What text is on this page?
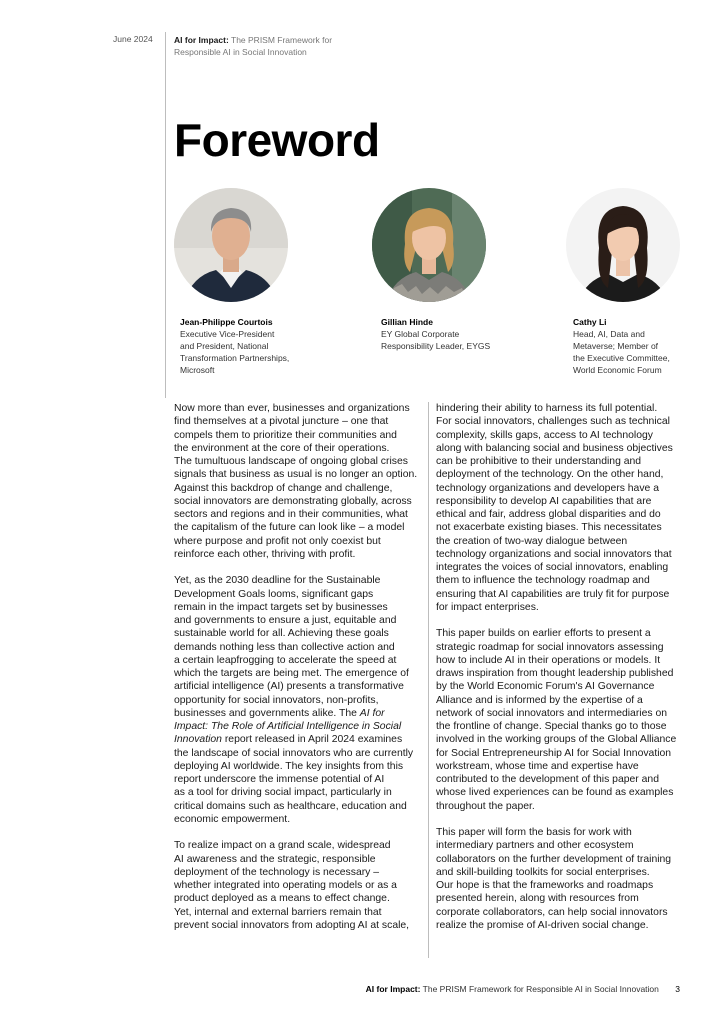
June 2024	AI for Impact: The PRISM Framework for Responsible AI in Social Innovation
Foreword
Jean-Philippe Courtois
Executive Vice-President
and President, National
Transformation Partnerships,
Microsoft
Gillian Hinde
EY Global Corporate
Responsibility Leader, EYGS
Cathy Li
Head, AI, Data and
Metaverse; Member of
the Executive Committee,
World Economic Forum

Now more than ever, businesses and organizations
find themselves at a pivotal juncture – one that
compels them to prioritize their communities and
the environment at the core of their operations.
The tumultuous landscape of ongoing global crises
signals that business as usual is no longer an option.
Against this backdrop of change and challenge,
social innovators are demonstrating globally, across
sectors and regions and in their communities, what
the capitalism of the future can look like – a model
where purpose and profit not only coexist but
reinforce each other, thriving with profit.

Yet, as the 2030 deadline for the Sustainable
Development Goals looms, significant gaps
remain in the impact targets set by businesses
and governments to ensure a just, equitable and
sustainable world for all. Achieving these goals
demands nothing less than collective action and
a certain leapfrogging to accelerate the speed at
which the targets are being met. The emergence of
artificial intelligence (AI) presents a transformative
opportunity for social innovators, non-profits,
businesses and governments alike. The AI for
Impact: The Role of Artificial Intelligence in Social
Innovation report released in April 2024 examines
the landscape of social innovators who are currently
deploying AI worldwide. The key insights from this
report underscore the immense potential of AI
as a tool for driving social impact, particularly in
critical domains such as healthcare, education and
economic empowerment.

To realize impact on a grand scale, widespread
AI awareness and the strategic, responsible
deployment of the technology is necessary –
whether integrated into operating models or as a
product deployed as a means to effect change.
Yet, internal and external barriers remain that
prevent social innovators from adopting AI at scale,

hindering their ability to harness its full potential.
For social innovators, challenges such as technical
complexity, skills gaps, access to AI technology
along with balancing social and business objectives
can be prohibitive to their understanding and
deployment of the technology. On the other hand,
technology organizations and developers have a
responsibility to develop AI capabilities that are
ethical and fair, address global disparities and do
not exacerbate existing biases. This necessitates
the creation of two-way dialogue between
technology organizations and social innovators that
integrates the voices of social innovators, enabling
them to influence the technology roadmap and
ensuring that AI capabilities are truly fit for purpose
for impact enterprises.

This paper builds on earlier efforts to present a
strategic roadmap for social innovators assessing
how to include AI in their operations or models. It
draws inspiration from thought leadership published
by the World Economic Forum's AI Governance
Alliance and is informed by the expertise of a
network of social innovators and intermediaries on
the frontline of change. Special thanks go to those
involved in the working groups of the Global Alliance
for Social Entrepreneurship AI for Social Innovation
workstream, whose time and expertise have
contributed to the development of this paper and
whose lived experiences can be found as examples
throughout the paper.

This paper will form the basis for work with
intermediary partners and other ecosystem
collaborators on the further development of training
and skill-building toolkits for social enterprises.
Our hope is that the frameworks and roadmaps
presented herein, along with resources from
corporate collaborators, can help social innovators
realize the promise of AI-driven social change.

AI for Impact: The PRISM Framework for Responsible AI in Social Innovation 3
